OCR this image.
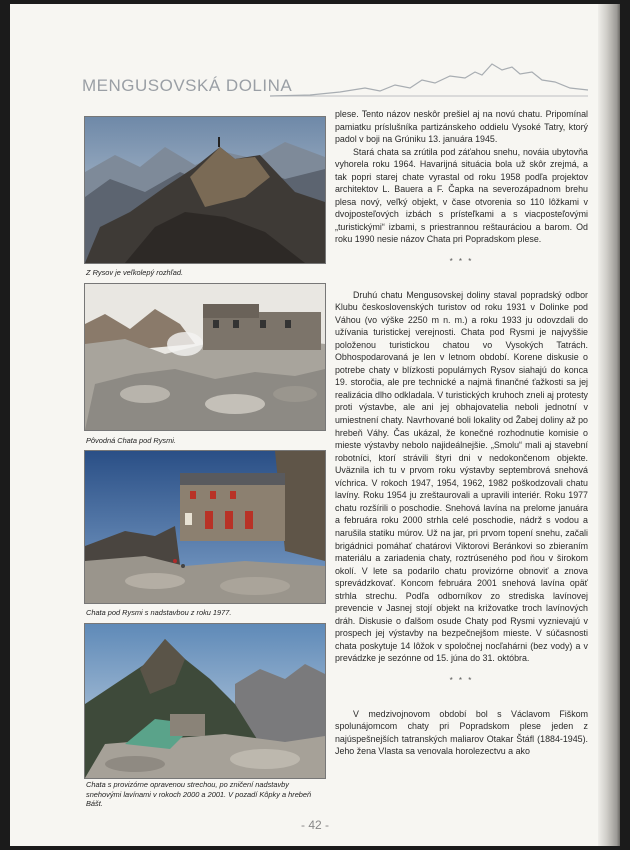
MENGUSOVSKÁ DOLINA
Z Rysov je veľkolepý rozhľad.
Pôvodná Chata pod Rysmi.
Chata pod Rysmi s nadstavbou z roku 1977.
Chata s provizórne opravenou strechou, po zničení nadstavby snehovými lavínami v rokoch 2000 a 2001. V pozadí Kôpky a hrebeň Bášt.

plese. Tento názov neskôr prešiel aj na novú chatu. Pripomínal pamiatku príslušníka partizánskeho oddielu Vysoké Tatry, ktorý padol v boji na Grúniku 13. januára 1945.

Stará chata sa zrútila pod záťahou snehu, nováia ubytovňa vyhorela roku 1964. Havarijná situácia bola už skôr zrejmá, a tak popri starej chate vyrastal od roku 1958 podľa projektov architektov L. Bauera a F. Čapka na severozápadnom brehu plesa nový, veľký objekt, v čase otvorenia so 110 lôžkami v dvojposteľových izbách s prísteľkami a s viacposteľovými „turistickými“ izbami, s priestrannou reštauráciou a barom. Od roku 1990 nesie názov Chata pri Popradskom plese.

* * *

Druhú chatu Mengusovskej doliny staval popradský odbor Klubu československých turistov od roku 1931 v Dolinke pod Váhou (vo výške 2250 m n. m.) a roku 1933 ju odovzdali do užívania turistickej verejnosti. Chata pod Rysmi je najvyššie položenou turistickou chatou vo Vysokých Tatrách. Obhospodarovaná je len v letnom období. Korene diskusie o potrebe chaty v blízkosti populárnych Rysov siahajú do konca 19. storočia, ale pre technické a najmä finančné ťažkosti sa jej realizácia dlho odkladala. V turistických kruhoch zneli aj protesty proti výstavbe, ale ani jej obhajovatelia neboli jednotní v umiestnení chaty. Navrhované boli lokality od Žabej doliny až po hrebeň Váhy. Čas ukázal, že konečné rozhodnutie komisie o mieste výstavby nebolo najideálnejšie. „Smolu“ mali aj stavební robotníci, ktorí strávili štyri dni v nedokončenom objekte. Uväznila ich tu v prvom roku výstavby septembrová snehová víchrica. V rokoch 1947, 1954, 1962, 1982 poškodzovali chatu lavíny. Roku 1954 ju zreštaurovali a upravili interiér. Roku 1977 chatu rozšírili o poschodie. Snehová lavína na prelome januára a februára roku 2000 strhla celé poschodie, nádrž s vodou a narušila statiku múrov. Už na jar, pri prvom topení snehu, začali brigádnici pomáhať chatárovi Viktorovi Beránkovi so zbieraním materiálu a zariadenia chaty, roztrúseného pod ňou v širokom okolí. V lete sa podarilo chatu provizórne obnoviť a znova sprevádzkovať. Koncom februára 2001 snehová lavína opäť strhla strechu. Podľa odborníkov zo strediska lavínovej prevencie v Jasnej stojí objekt na križovatke troch lavínových dráh. Diskusie o ďalšom osude Chaty pod Rysmi vyznievajú v prospech jej výstavby na bezpečnejšom mieste. V súčasnosti chata poskytuje 14 lôžok v spoločnej nocľahárni (bez vody) a v prevádzke je sezónne od 15. júna do 31. októbra.

* * *

V medzivojnovom období bol s Václavom Fiškom spolunájomcom chaty pri Popradskom plese jeden z najúspešnejších tatranských maliarov Otakar Štáfl (1884-1945). Jeho žena Vlasta sa venovala horolezectvu a ako

- 42 -
